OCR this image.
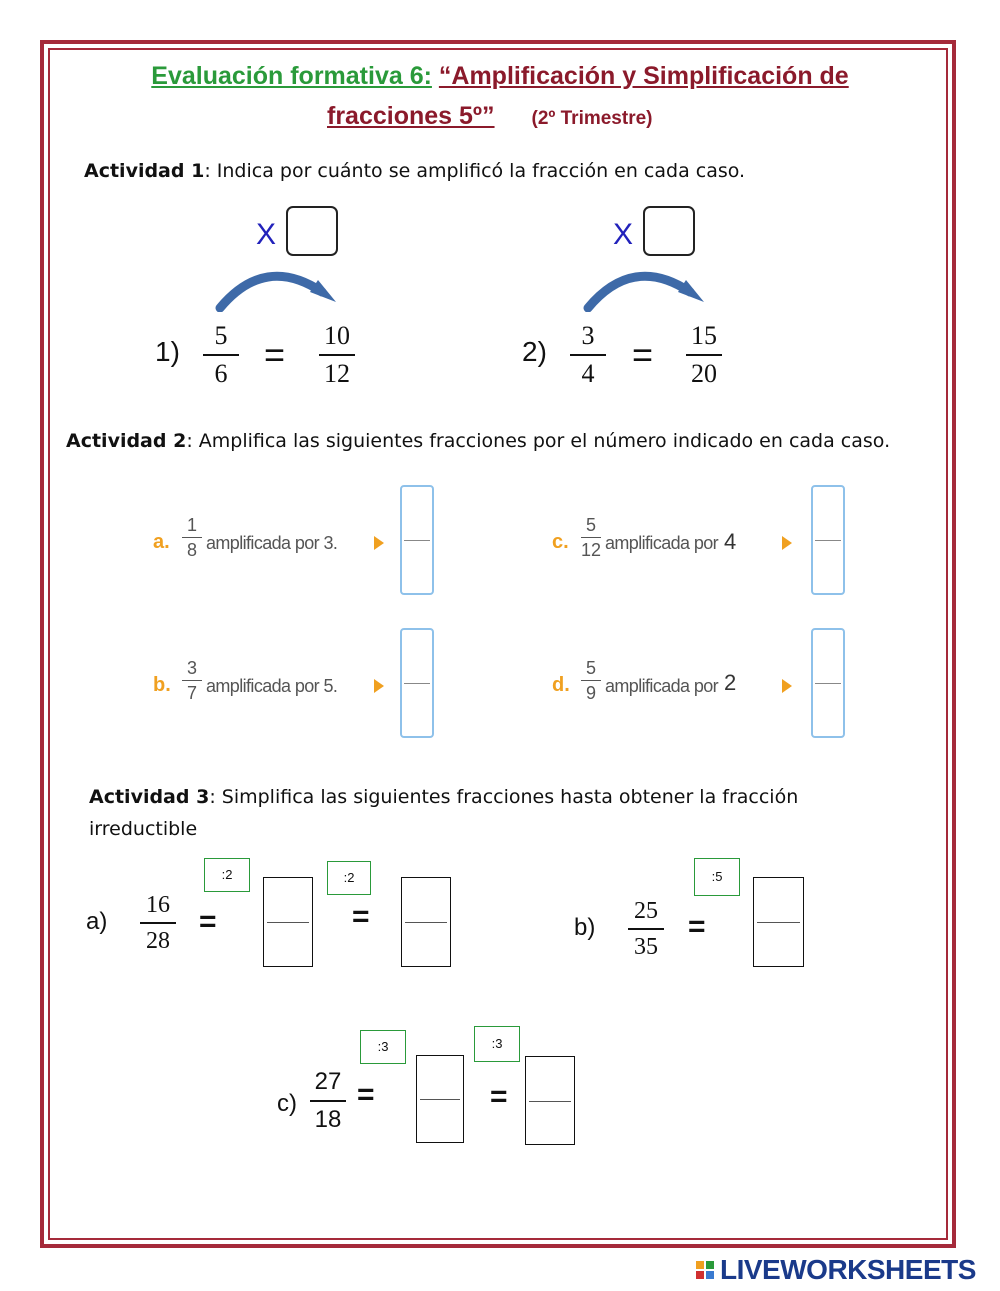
Evaluación formativa 6: “Amplificación y Simplificación de
fracciones 5º” (2º Trimestre)
Actividad 1: Indica por cuánto se amplificó la fracción en cada caso.
X
1)
5
6	=	10
12
X
2)
3
4	=	15
20
Actividad 2: Amplifica las siguientes fracciones por el número indicado en cada caso.
a.
1
8 amplificada por 3.
b.
3
7 amplificada por 5.
c.
5
12 amplificada por 4
d.
5
9 amplificada por 2
Actividad 3: Simplifica las siguientes fracciones hasta obtener la fracción
irreductible
a)
16
28
=
:2	:2
=	b)
25
35
=
:5
c)
27
18
=
:3	:3
=
LIVEWORKSHEETS
